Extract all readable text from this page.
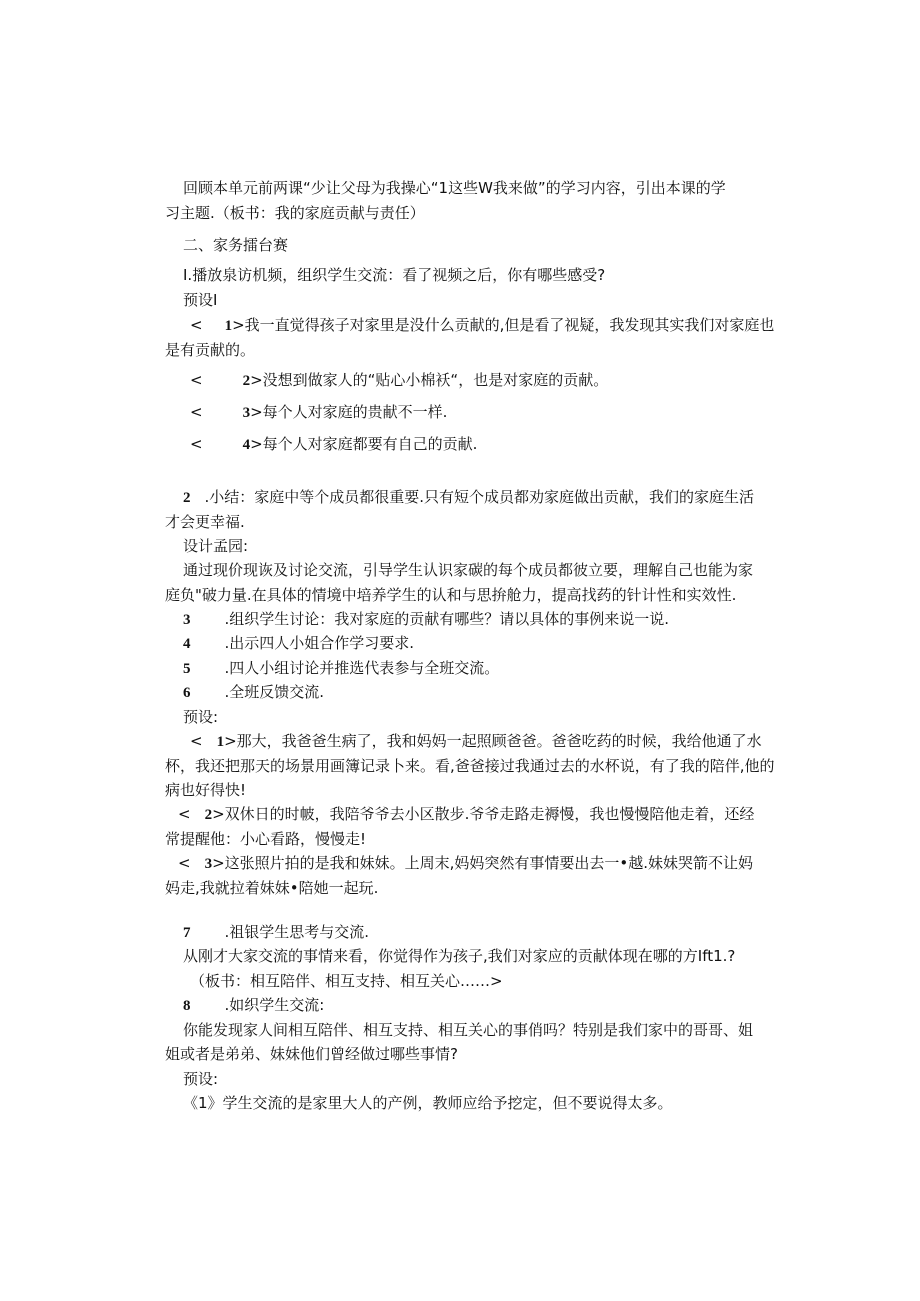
回顾本单元前两课“少让父母为我操心“1这些W我来做”的学习内容，引出本课的学

习主题.（板书：我的家庭贡献与责任）

二、家务擂台赛

I.播放泉访机频，组织学生交流：看了视频之后，你有哪些感受?

预设I

< 1>我一直觉得孩子对家里是没什么贡献的,但是看了视疑，我发现其实我们对家庭也

是有贡献的。

<	2>没想到做家人的“贴心小棉袄“，也是对家庭的贡献。

<	3>每个人对家庭的贵献不一样.

<	4>每个人对家庭都要有自己的贡献.

2 .小结：家庭中等个成员都很重要.只有短个成员都劝家庭做出贡献，我们的家庭生活

才会更幸福.

设计孟园:

通过现价现诙及讨论交流，引导学生认识家碳的每个成员都彼立要，理解自己也能为家

庭负"破力量.在具体的情境中培养学生的认和与思拚舱力，提高找药的针计性和实效性.

3 .组织学生讨论：我对家庭的贡献有哪些？请以具体的事例来说一说.

4 .出示四人小姐合作学习要求.

5 .四人小组讨论并推选代表参与全班交流。

6 .全班反馈交流.

预设:

< 1>那大，我爸爸生病了，我和妈妈一起照顾爸爸。爸爸吃药的时候，我给他通了水

杯，我还把那天的场景用画簿记录卜来。看,爸爸接过我通过去的水杯说，有了我的陪伴,他的

病也好得快!

< 2>双休日的时帔，我陪爷爷去小区散步.爷爷走路走褥慢，我也慢慢陪他走着，还经

常提醒他：小心看路，慢慢走!

< 3>这张照片拍的是我和妹妹。上周末,妈妈突然有事情要出去一•越.妹妹哭箭不让妈

妈走,我就拉着妹妹•陪她一起玩.

7 .祖银学生思考与交流.

从刚才大家交流的事情来看，你觉得作为孩子,我们对家应的贡献体现在哪的方Ift1.?

（板书：相互陪伴、相互支持、相互关心……>

8 .如织学生交流:

你能发现家人间相互陪伴、相互支持、相互关心的事俏吗？特别是我们家中的哥哥、姐

姐或者是弟弟、妹妹他们曾经做过哪些事情?

预设:

《1》学生交流的是家里大人的产例，教师应给予挖定，但不要说得太多。
